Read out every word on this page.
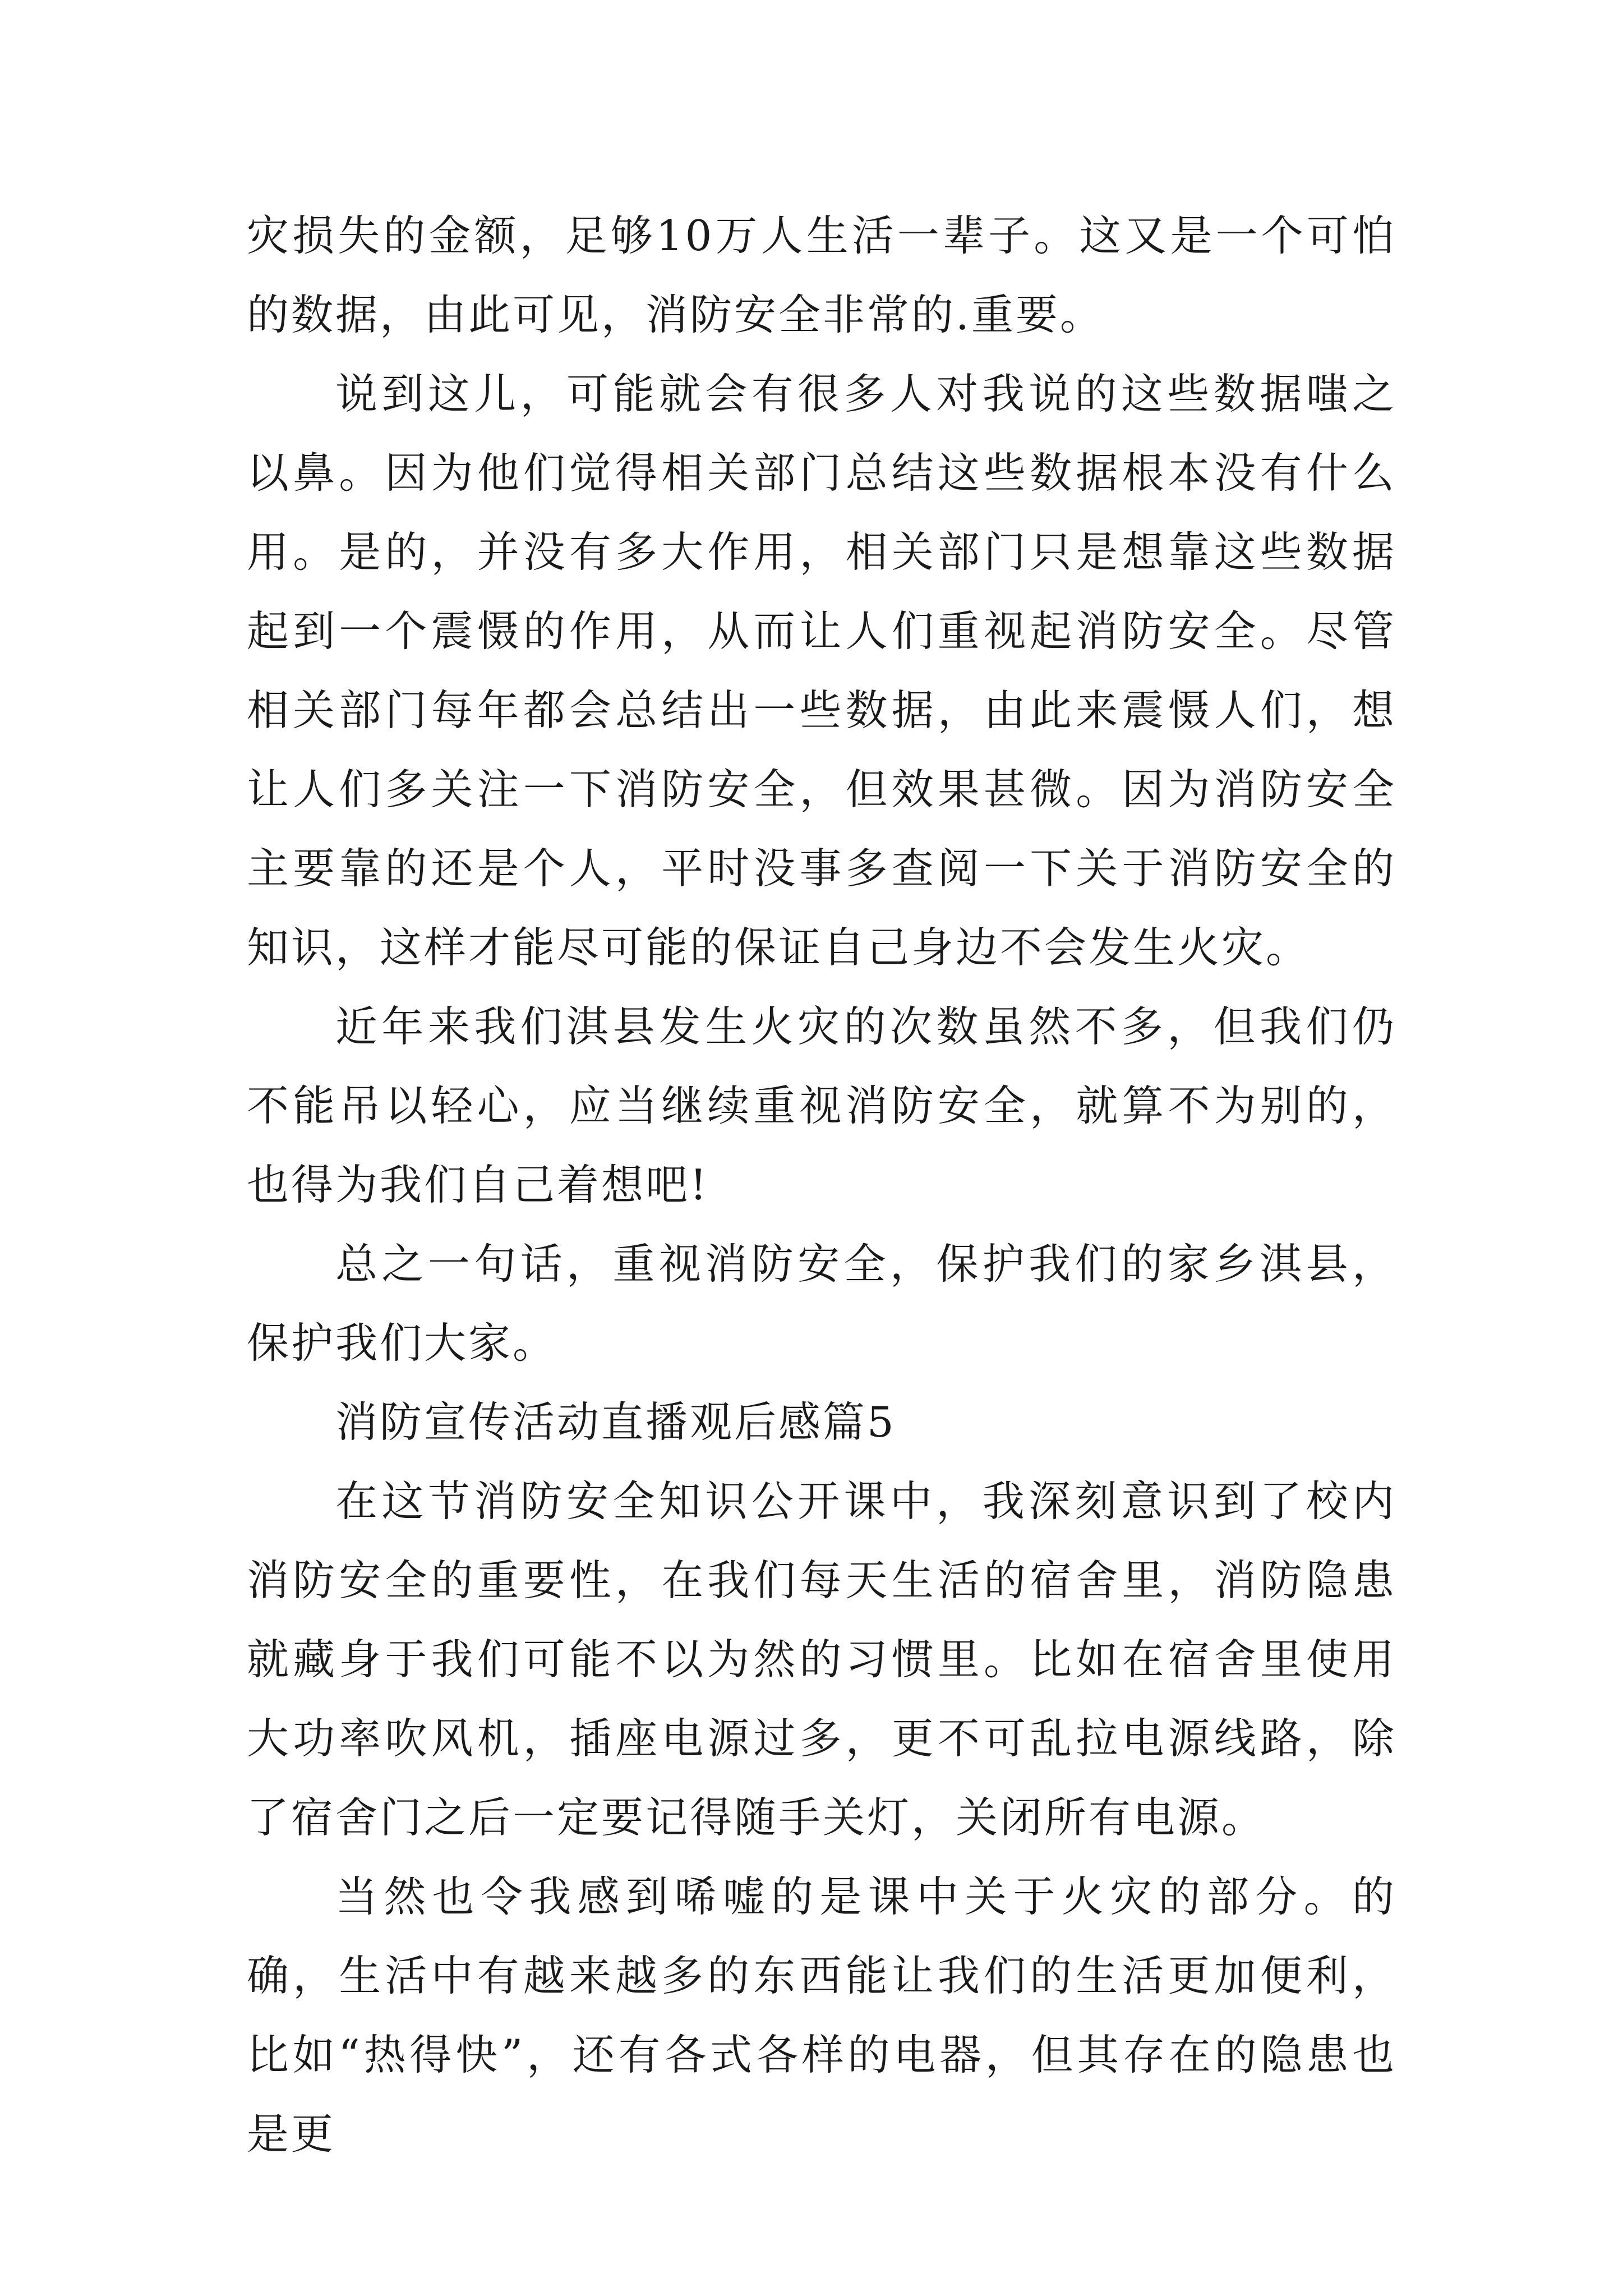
灾损失的金额，足够10万人生活一辈子。这又是一个可怕的数据，由此可见，消防安全非常的.重要。

说到这儿，可能就会有很多人对我说的这些数据嗤之以鼻。因为他们觉得相关部门总结这些数据根本没有什么用。是的，并没有多大作用，相关部门只是想靠这些数据起到一个震慑的作用，从而让人们重视起消防安全。尽管相关部门每年都会总结出一些数据，由此来震慑人们，想让人们多关注一下消防安全，但效果甚微。因为消防安全主要靠的还是个人，平时没事多查阅一下关于消防安全的知识，这样才能尽可能的保证自己身边不会发生火灾。

近年来我们淇县发生火灾的次数虽然不多，但我们仍不能吊以轻心，应当继续重视消防安全，就算不为别的，也得为我们自己着想吧!

总之一句话，重视消防安全，保护我们的家乡淇县，保护我们大家。

消防宣传活动直播观后感篇5

在这节消防安全知识公开课中，我深刻意识到了校内消防安全的重要性，在我们每天生活的宿舍里，消防隐患就藏身于我们可能不以为然的习惯里。比如在宿舍里使用大功率吹风机，插座电源过多，更不可乱拉电源线路，除了宿舍门之后一定要记得随手关灯，关闭所有电源。

当然也令我感到唏嘘的是课中关于火灾的部分。的确，生活中有越来越多的东西能让我们的生活更加便利，比如“热得快”，还有各式各样的电器，但其存在的隐患也是更
